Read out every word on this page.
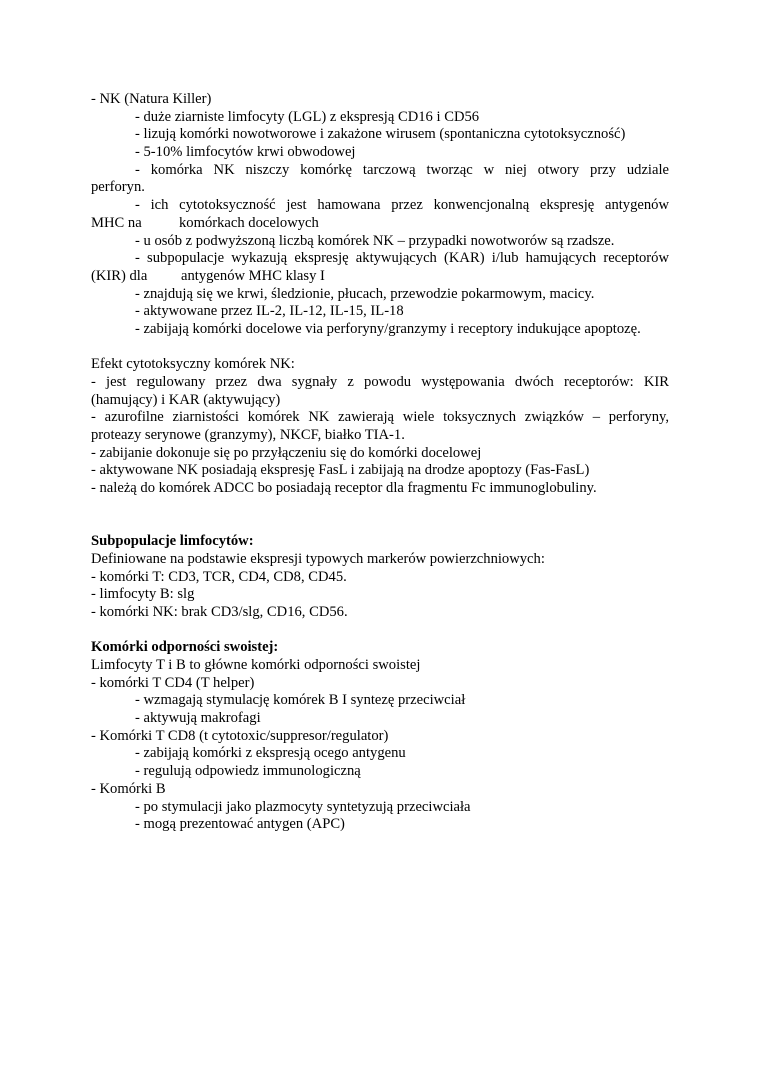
- NK (Natura Killer)
- duże ziarniste limfocyty (LGL) z ekspresją CD16 i CD56
- lizują komórki nowotworowe i zakażone wirusem (spontaniczna cytotoksyczność)
- 5-10% limfocytów krwi obwodowej
- komórka NK niszczy komórkę tarczową tworząc w niej otwory przy udziale
perforyn.
- ich cytotoksyczność jest hamowana przez konwencjonalną ekspresję antygenów
MHC na	komórkach docelowych
- u osób z podwyższoną liczbą komórek NK – przypadki nowotworów są rzadsze.
- subpopulacje wykazują ekspresję aktywujących (KAR) i/lub hamujących receptorów
(KIR) dla antygenów MHC klasy I
- znajdują się we krwi, śledzionie, płucach, przewodzie pokarmowym, macicy.
- aktywowane przez IL-2, IL-12, IL-15, IL-18
- zabijają komórki docelowe via perforyny/granzymy i receptory indukujące apoptozę.
Efekt cytotoksyczny komórek NK:
- jest regulowany przez dwa sygnały z powodu występowania dwóch receptorów: KIR
(hamujący) i KAR (aktywujący)
- azurofilne ziarnistości komórek NK zawierają wiele toksycznych związków – perforyny,
proteazy serynowe (granzymy), NKCF, białko TIA-1.
- zabijanie dokonuje się po przyłączeniu się do komórki docelowej
- aktywowane NK posiadają ekspresję FasL i zabijają na drodze apoptozy (Fas-FasL)
- należą do komórek ADCC bo posiadają receptor dla fragmentu Fc immunoglobuliny.
Subpopulacje limfocytów:
Definiowane na podstawie ekspresji typowych markerów powierzchniowych:
- komórki T: CD3, TCR, CD4, CD8, CD45.
- limfocyty B: slg
- komórki NK: brak CD3/slg, CD16, CD56.
Komórki odporności swoistej:
Limfocyty T i B to główne komórki odporności swoistej
- komórki T CD4 (T helper)
- wzmagają stymulację komórek B I syntezę przeciwciał
- aktywują makrofagi
- Komórki T CD8 (t cytotoxic/suppresor/regulator)
- zabijają komórki z ekspresją ocego antygenu
- regulują odpowiedz immunologiczną
- Komórki B
- po stymulacji jako plazmocyty syntetyzują przeciwciała
- mogą prezentować antygen (APC)
